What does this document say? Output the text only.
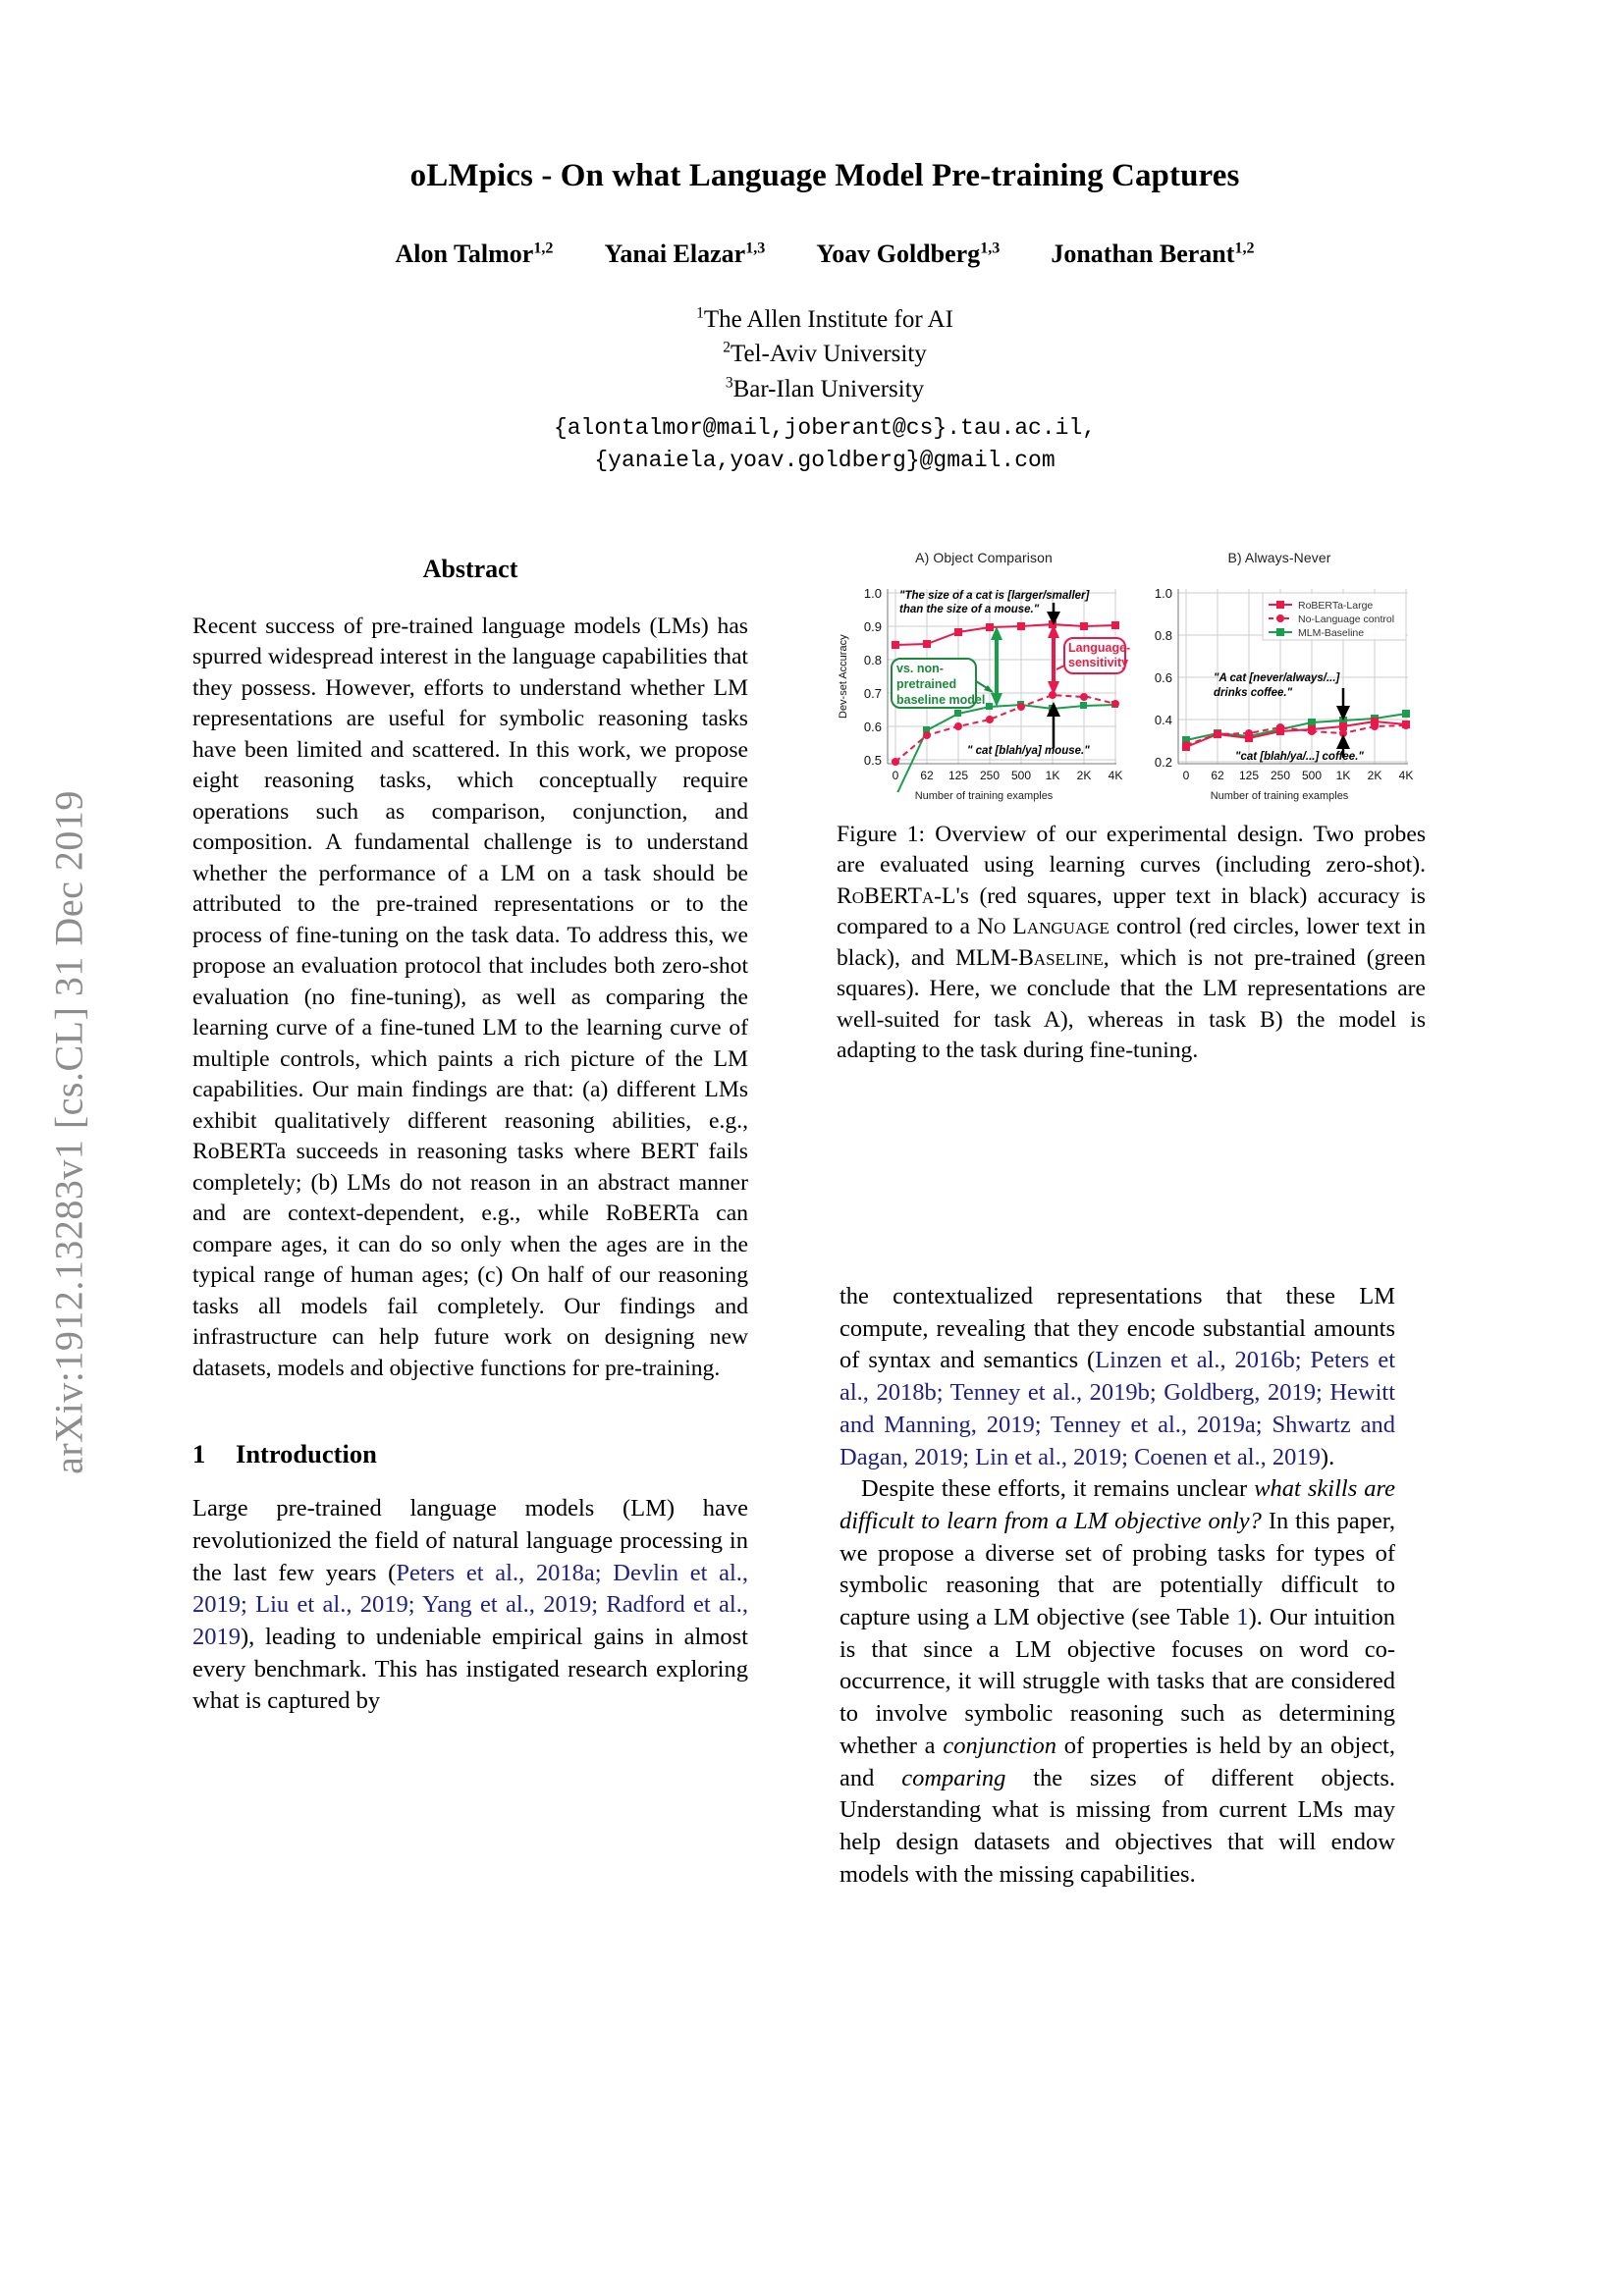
arXiv:1912.13283v1 [cs.CL] 31 Dec 2019
oLMpics - On what Language Model Pre-training Captures
Alon Talmor$^{1,2}$ Yanai Elazar$^{1,3}$ Yoav Goldberg$^{1,3}$ Jonathan Berant$^{1,2}$
$^1$The Allen Institute for AI
$^2$Tel-Aviv University
$^3$Bar-Ilan University
{alontalmor@mail,joberant@cs}.tau.ac.il,
{yanaiela,yoav.goldberg}@gmail.com
Abstract

Recent success of pre-trained language models (LMs) has spurred widespread interest in the language capabilities that they possess. However, efforts to understand whether LM representations are useful for symbolic reasoning tasks have been limited and scattered. In this work, we propose eight reasoning tasks, which conceptually require operations such as comparison, conjunction, and composition. A fundamental challenge is to understand whether the performance of a LM on a task should be attributed to the pre-trained representations or to the process of fine-tuning on the task data. To address this, we propose an evaluation protocol that includes both zero-shot evaluation (no fine-tuning), as well as comparing the learning curve of a fine-tuned LM to the learning curve of multiple controls, which paints a rich picture of the LM capabilities. Our main findings are that: (a) different LMs exhibit qualitatively different reasoning abilities, e.g., RoBERTa succeeds in reasoning tasks where BERT fails completely; (b) LMs do not reason in an abstract manner and are context-dependent, e.g., while RoBERTa can compare ages, it can do so only when the ages are in the typical range of human ages; (c) On half of our reasoning tasks all models fail completely. Our findings and infrastructure can help future work on designing new datasets, models and objective functions for pre-training.

1 Introduction

Large pre-trained language models (LM) have revolutionized the field of natural language processing in the last few years (Peters et al., 2018a; Devlin et al., 2019; Liu et al., 2019; Yang et al., 2019; Radford et al., 2019), leading to undeniable empirical gains in almost every benchmark. This has instigated research exploring what is captured by

A) Object Comparison
Dev-set Accuracy
1.0
0.9
0.8
0.7
0.6
0.5
0 62 125 250 500 1K 2K 4K
"The size of a cat is [larger/smaller]
than the size of a mouse."
" cat [blah/ya] mouse."
vs. non-
pretrained
baseline model
Language-
sensitivity
Number of training examples
B) Always-Never
1.0
0.8
0.6
0.4
0.2
0 62 125 250 500 1K 2K 4K
"A cat [never/always/...]
drinks coffee."
"cat [blah/ya/...] coffee."
RoBERTa-Large
No-Language control
MLM-Baseline
Number of training examples
Figure 1: Overview of our experimental design. Two probes are evaluated using learning curves (including zero-shot). RoBERTa-L's (red squares, upper text in black) accuracy is compared to a No Language control (red circles, lower text in black), and MLM-Baseline, which is not pre-trained (green squares). Here, we conclude that the LM representations are well-suited for task A), whereas in task B) the model is adapting to the task during fine-tuning.

the contextualized representations that these LM compute, revealing that they encode substantial amounts of syntax and semantics (Linzen et al., 2016b; Peters et al., 2018b; Tenney et al., 2019b; Goldberg, 2019; Hewitt and Manning, 2019; Tenney et al., 2019a; Shwartz and Dagan, 2019; Lin et al., 2019; Coenen et al., 2019).

Despite these efforts, it remains unclear what skills are difficult to learn from a LM objective only? In this paper, we propose a diverse set of probing tasks for types of symbolic reasoning that are potentially difficult to capture using a LM objective (see Table 1). Our intuition is that since a LM objective focuses on word co-occurrence, it will struggle with tasks that are considered to involve symbolic reasoning such as determining whether a conjunction of properties is held by an object, and comparing the sizes of different objects. Understanding what is missing from current LMs may help design datasets and objectives that will endow models with the missing capabilities.
